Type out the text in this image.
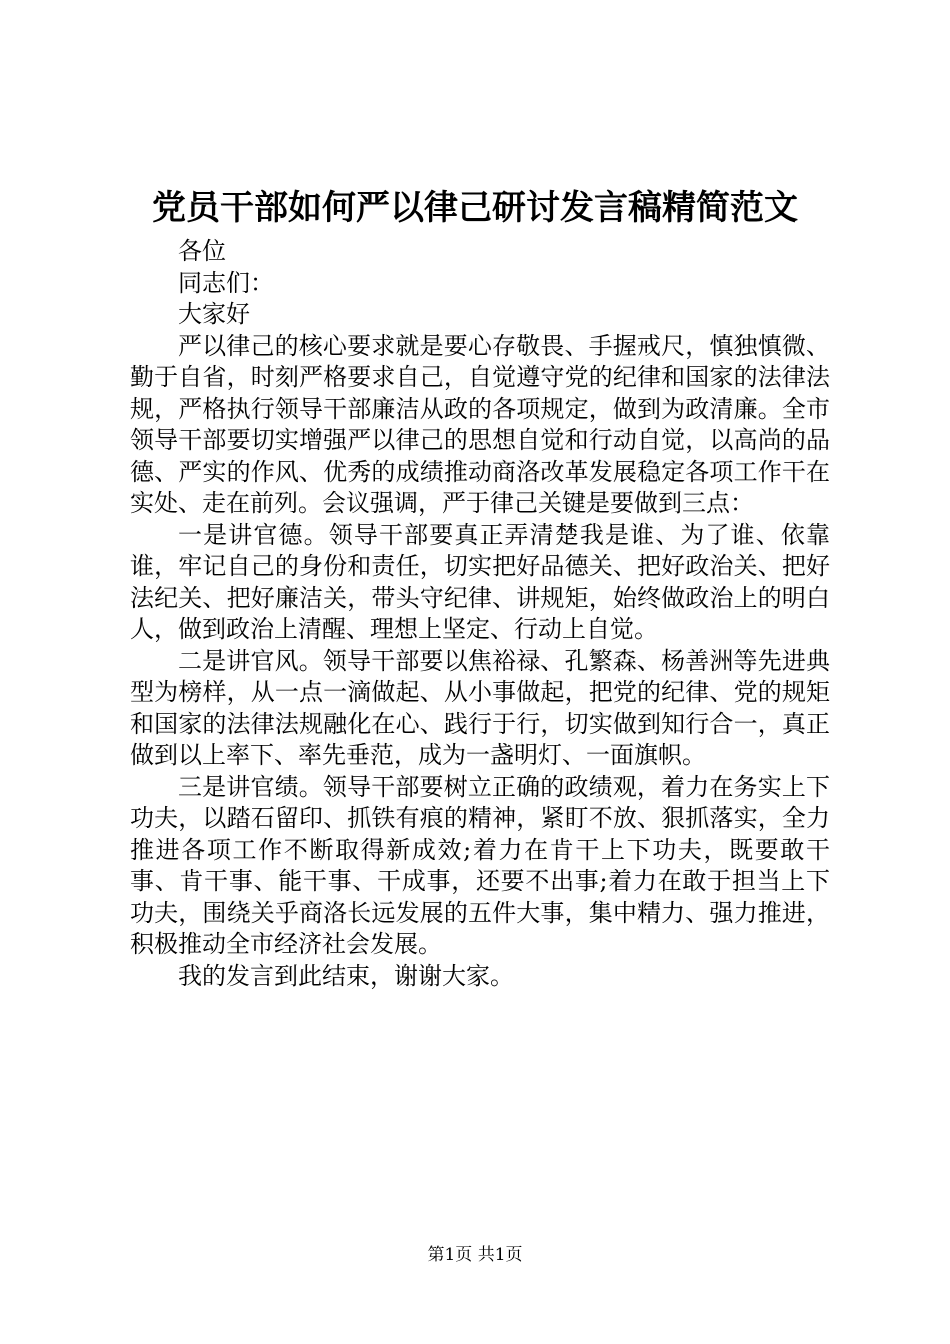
党员干部如何严以律己研讨发言稿精简范文

各位

同志们：

大家好

严以律己的核心要求就是要心存敬畏、手握戒尺，慎独慎微、勤于自省，时刻严格要求自己，自觉遵守党的纪律和国家的法律法规，严格执行领导干部廉洁从政的各项规定，做到为政清廉。全市领导干部要切实增强严以律己的思想自觉和行动自觉，以高尚的品德、严实的作风、优秀的成绩推动商洛改革发展稳定各项工作干在实处、走在前列。会议强调，严于律己关键是要做到三点：

一是讲官德。领导干部要真正弄清楚我是谁、为了谁、依靠谁，牢记自己的身份和责任，切实把好品德关、把好政治关、把好法纪关、把好廉洁关，带头守纪律、讲规矩，始终做政治上的明白人，做到政治上清醒、理想上坚定、行动上自觉。

二是讲官风。领导干部要以焦裕禄、孔繁森、杨善洲等先进典型为榜样，从一点一滴做起、从小事做起，把党的纪律、党的规矩和国家的法律法规融化在心、践行于行，切实做到知行合一，真正做到以上率下、率先垂范，成为一盏明灯、一面旗帜。

三是讲官绩。领导干部要树立正确的政绩观，着力在务实上下功夫，以踏石留印、抓铁有痕的精神，紧盯不放、狠抓落实，全力推进各项工作不断取得新成效;着力在肯干上下功夫，既要敢干事、肯干事、能干事、干成事，还要不出事;着力在敢于担当上下功夫，围绕关乎商洛长远发展的五件大事，集中精力、强力推进，积极推动全市经济社会发展。

我的发言到此结束，谢谢大家。

第1页 共1页
